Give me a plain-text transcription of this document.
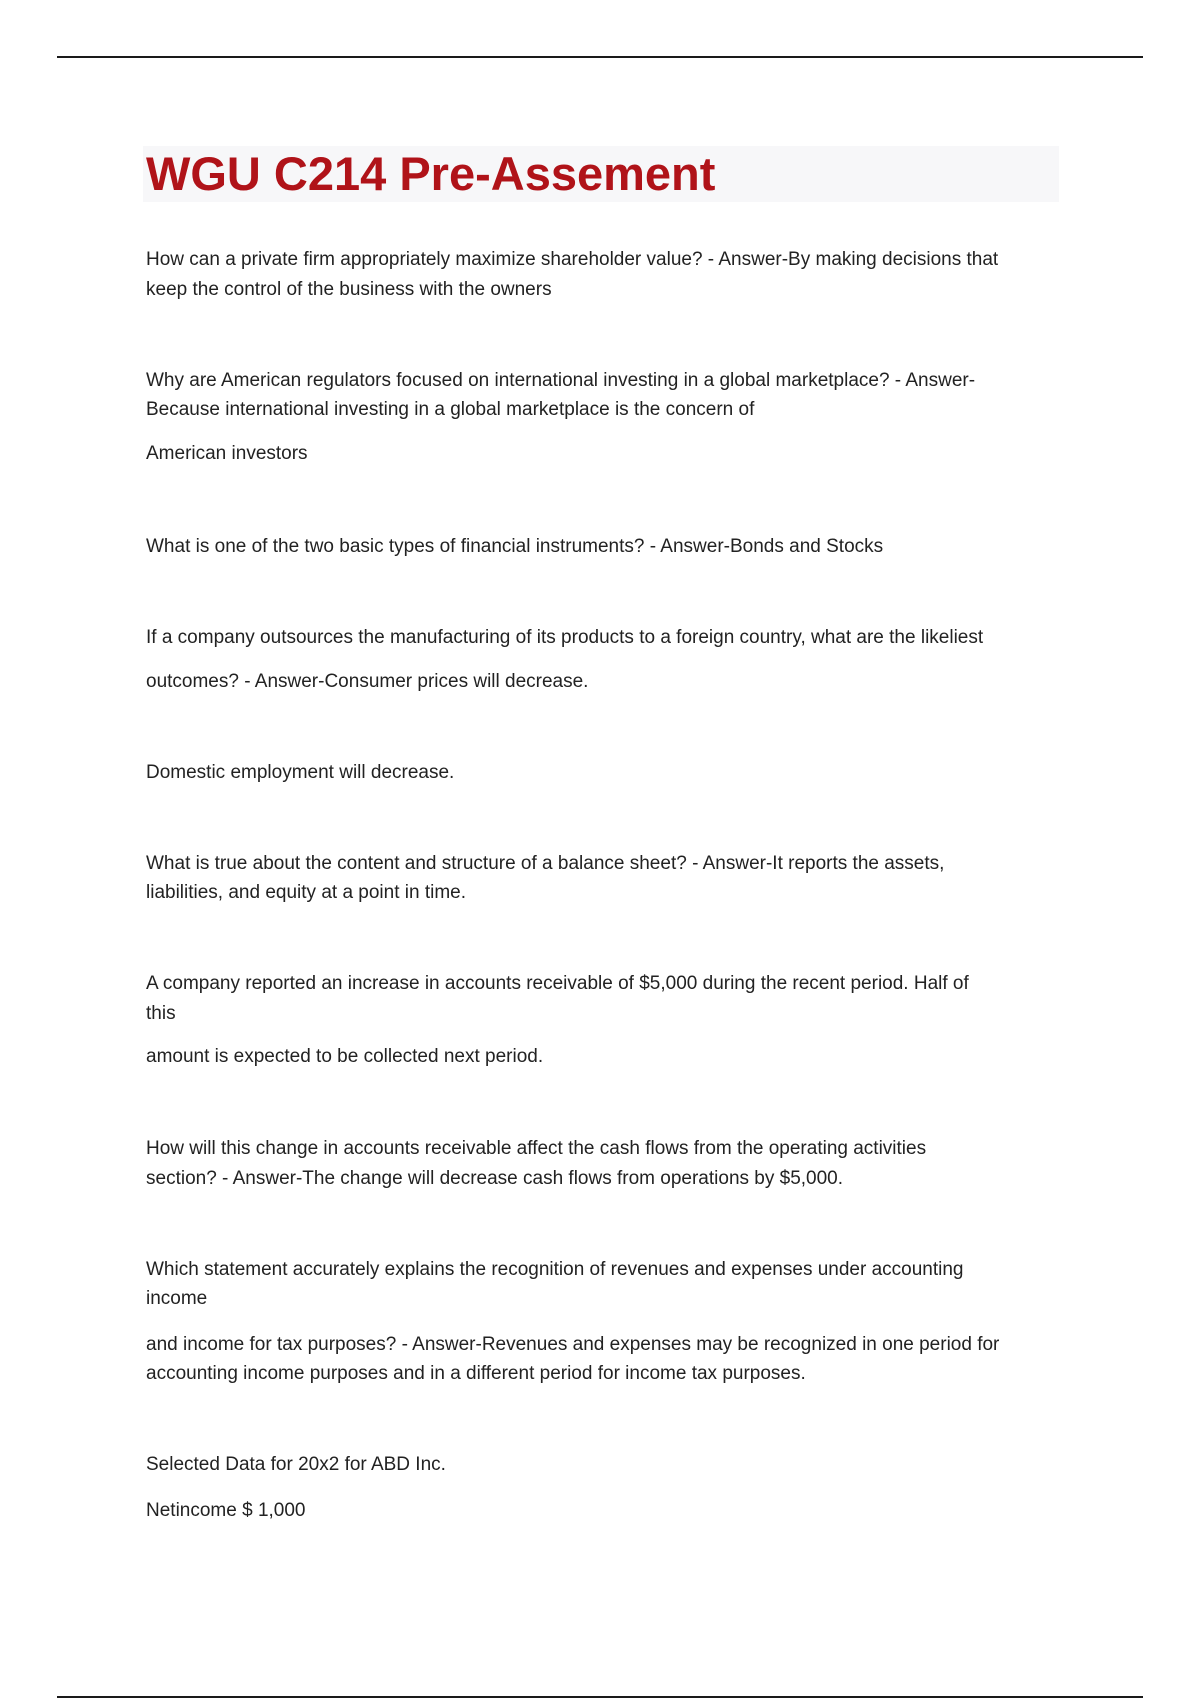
WGU C214 Pre-Assement
How can a private firm appropriately maximize shareholder value? - Answer-By making decisions that
keep the control of the business with the owners
Why are American regulators focused on international investing in a global marketplace? - Answer-
Because international investing in a global marketplace is the concern of
American investors
What is one of the two basic types of financial instruments? - Answer-Bonds and Stocks
If a company outsources the manufacturing of its products to a foreign country, what are the likeliest
outcomes? - Answer-Consumer prices will decrease.
Domestic employment will decrease.
What is true about the content and structure of a balance sheet? - Answer-It reports the assets,
liabilities, and equity at a point in time.
A company reported an increase in accounts receivable of $5,000 during the recent period. Half of
this
amount is expected to be collected next period.
How will this change in accounts receivable affect the cash flows from the operating activities
section? - Answer-The change will decrease cash flows from operations by $5,000.
Which statement accurately explains the recognition of revenues and expenses under accounting
income
and income for tax purposes? - Answer-Revenues and expenses may be recognized in one period for
accounting income purposes and in a different period for income tax purposes.
Selected Data for 20x2 for ABD Inc.
Netincome $ 1,000
